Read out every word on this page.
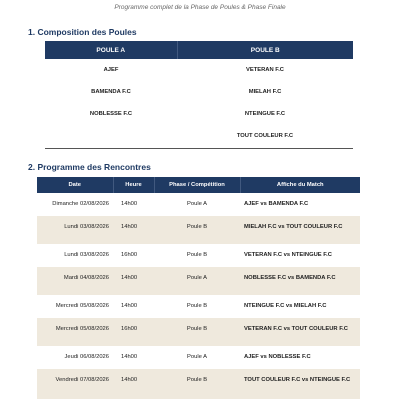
Programme complet de la Phase de Poules & Phase Finale
1. Composition des Poules
POULE A	POULE B
AJEF	VETERAN F.C
BAMENDA F.C	MIELAH F.C
NOBLESSE F.C	NTEINGUE F.C
	TOUT COULEUR F.C
2. Programme des Rencontres
Date	Heure	Phase / Compétition	Affiche du Match
Dimanche 02/08/2026	14h00	Poule A	AJEF vs BAMENDA F.C
Lundi 03/08/2026	14h00	Poule B	MIELAH F.C vs TOUT COULEUR F.C
Lundi 03/08/2026	16h00	Poule B	VETERAN F.C vs NTEINGUE F.C
Mardi 04/08/2026	14h00	Poule A	NOBLESSE F.C vs BAMENDA F.C
Mercredi 05/08/2026	14h00	Poule B	NTEINGUE F.C vs MIELAH F.C
Mercredi 05/08/2026	16h00	Poule B	VETERAN F.C vs TOUT COULEUR F.C
Jeudi 06/08/2026	14h00	Poule A	AJEF vs NOBLESSE F.C
Vendredi 07/08/2026	14h00	Poule B	TOUT COULEUR F.C vs NTEINGUE F.C
